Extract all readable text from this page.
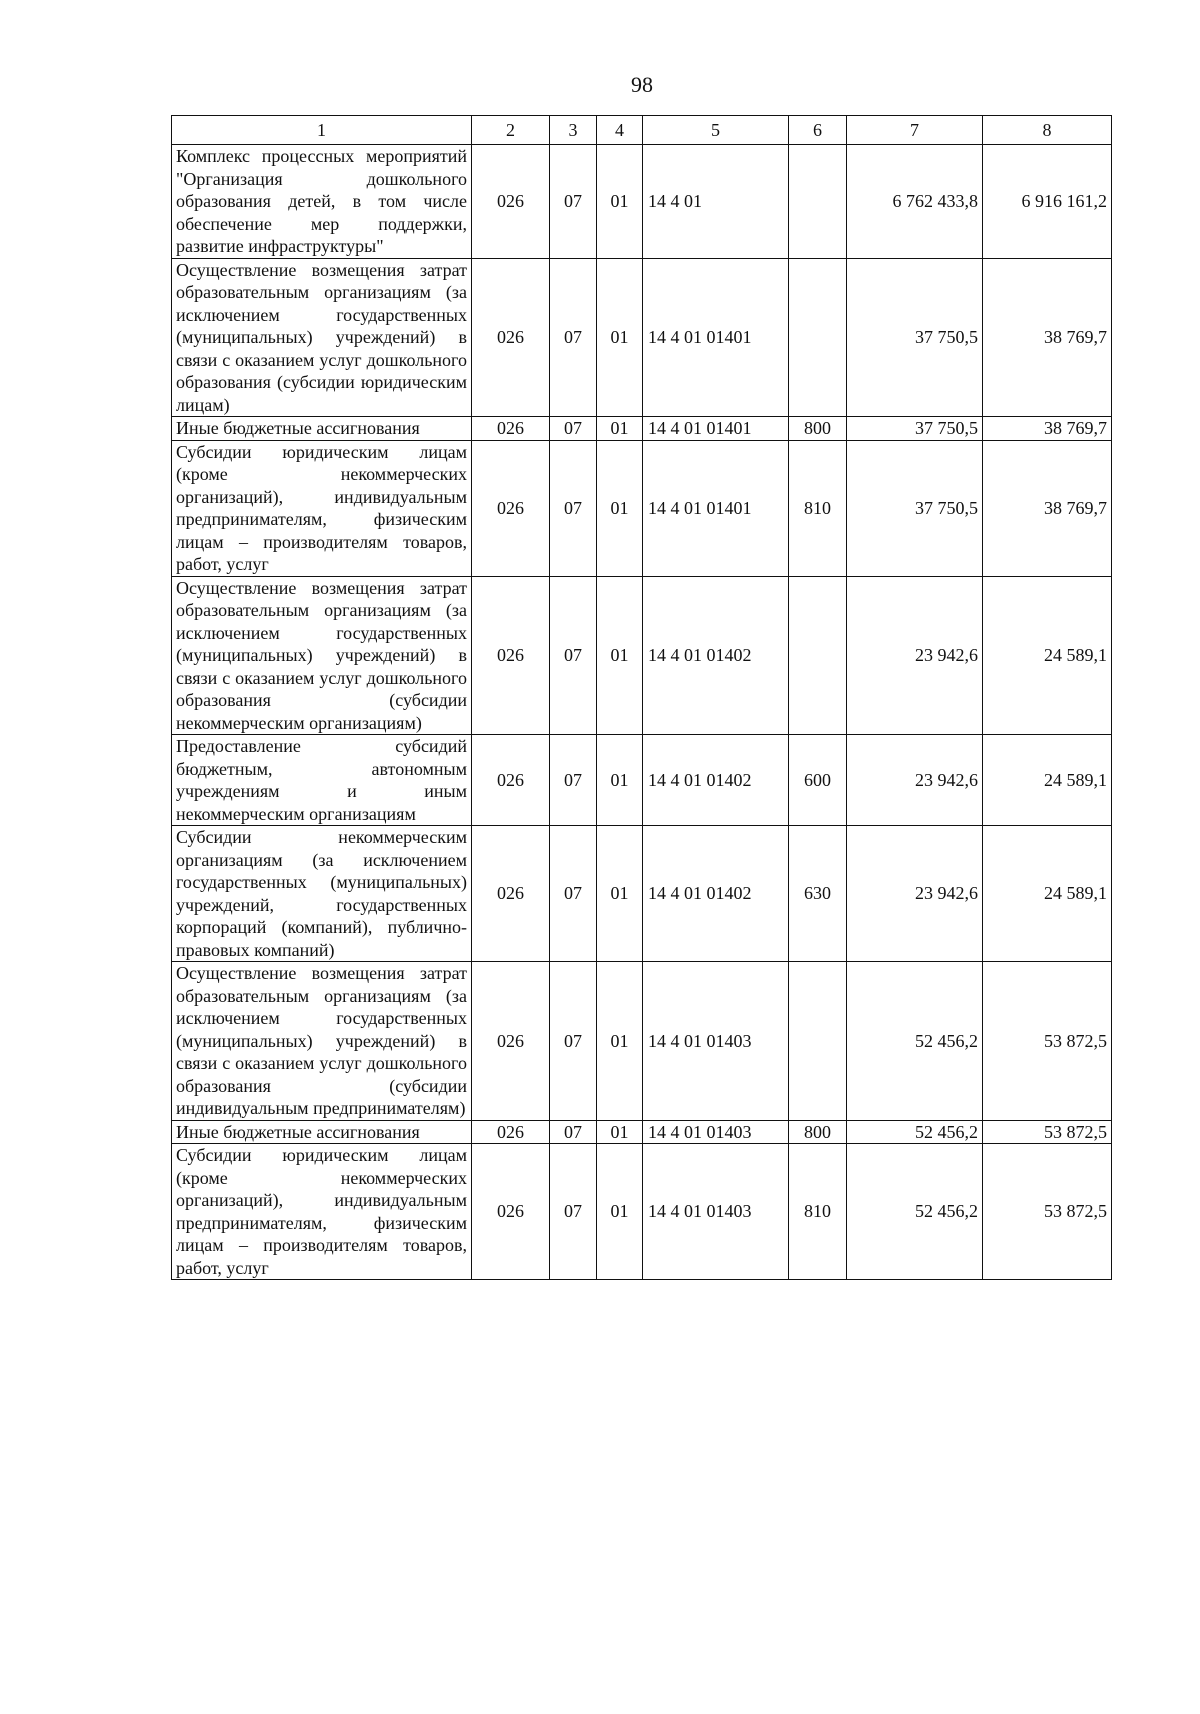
98
1	2	3	4	5	6	7	8
Комплекс процессных мероприятий "Организация дошкольного образования детей, в том числе обеспечение мер поддержки, развитие инфраструктуры"	026	07	01	14 4 01		6 762 433,8	6 916 161,2
Осуществление возмещения затрат образовательным организациям (за исключением государственных (муниципальных) учреждений) в связи с оказанием услуг дошкольного образования (субсидии юридическим лицам)	026	07	01	14 4 01 01401		37 750,5	38 769,7
Иные бюджетные ассигнования	026	07	01	14 4 01 01401	800	37 750,5	38 769,7
Субсидии юридическим лицам (кроме некоммерческих организаций), индивидуальным предпринимателям, физическим лицам – производителям товаров, работ, услуг	026	07	01	14 4 01 01401	810	37 750,5	38 769,7
Осуществление возмещения затрат образовательным организациям (за исключением государственных (муниципальных) учреждений) в связи с оказанием услуг дошкольного образования (субсидии некоммерческим организациям)	026	07	01	14 4 01 01402		23 942,6	24 589,1
Предоставление субсидий бюджетным, автономным учреждениям и иным некоммерческим организациям	026	07	01	14 4 01 01402	600	23 942,6	24 589,1
Субсидии некоммерческим организациям (за исключением государственных (муниципальных) учреждений, государственных корпораций (компаний), публично-правовых компаний)	026	07	01	14 4 01 01402	630	23 942,6	24 589,1
Осуществление возмещения затрат образовательным организациям (за исключением государственных (муниципальных) учреждений) в связи с оказанием услуг дошкольного образования (субсидии индивидуальным предпринимателям)	026	07	01	14 4 01 01403		52 456,2	53 872,5
Иные бюджетные ассигнования	026	07	01	14 4 01 01403	800	52 456,2	53 872,5
Субсидии юридическим лицам (кроме некоммерческих организаций), индивидуальным предпринимателям, физическим лицам – производителям товаров, работ, услуг	026	07	01	14 4 01 01403	810	52 456,2	53 872,5
